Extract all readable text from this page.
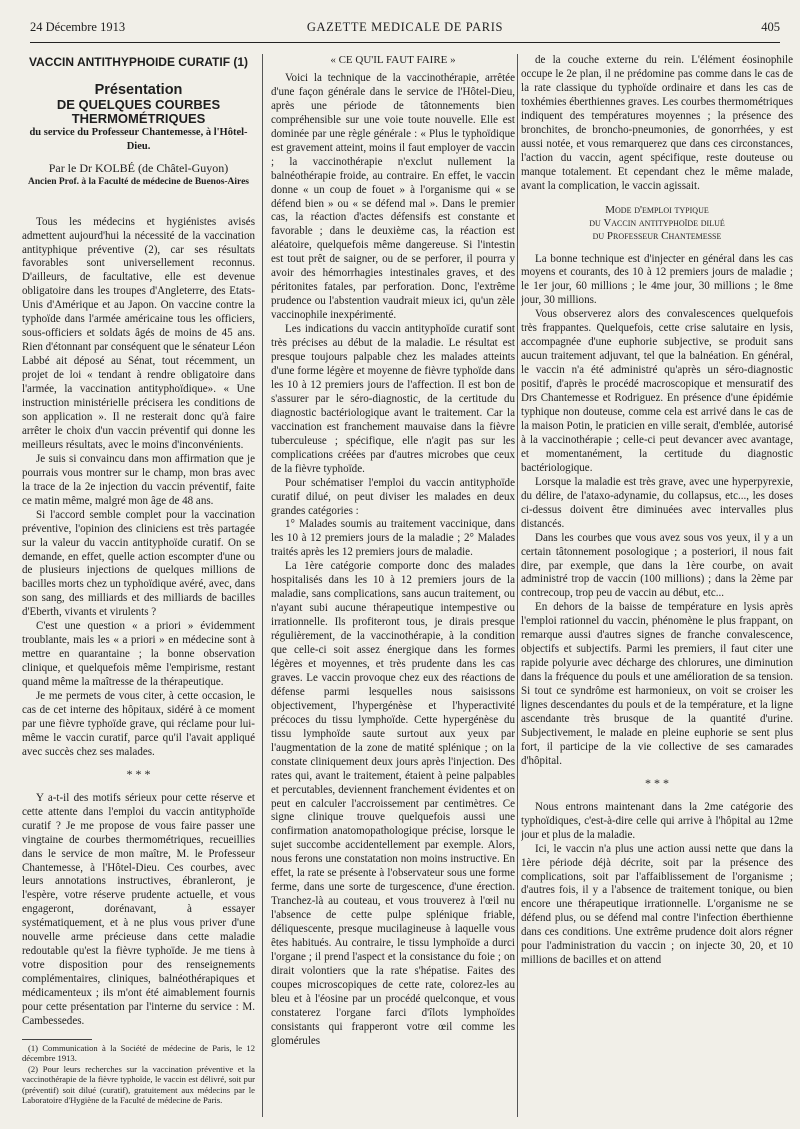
24 Décembre 1913	GAZETTE MEDICALE DE PARIS	405

VACCIN ANTITHYPHOIDE CURATIF (1)

Présentation

DE QUELQUES COURBES THERMOMÉTRIQUES

du service du Professeur Chantemesse, à l'Hôtel-Dieu.

Par le Dr KOLBÉ (de Châtel-Guyon)

Ancien Prof. à la Faculté de médecine de Buenos-Aires

Tous les médecins et hygiénistes avisés admettent aujourd'hui la nécessité de la vaccination antityphique préventive (2), car ses résultats favorables sont universellement reconnus. D'ailleurs, de facultative, elle est devenue obligatoire dans les troupes d'Angleterre, des Etats-Unis d'Amérique et au Japon. On vaccine contre la typhoïde dans l'armée américaine tous les officiers, sous-officiers et soldats âgés de moins de 45 ans. Rien d'étonnant par conséquent que le sénateur Léon Labbé ait déposé au Sénat, tout récemment, un projet de loi « tendant à rendre obligatoire dans l'armée, la vaccination antityphoïdique». « Une instruction ministérielle précisera les conditions de son application ». Il ne resterait donc qu'à faire arrêter le choix d'un vaccin préventif qui donne les meilleurs résultats, avec le moins d'inconvénients.

Je suis si convaincu dans mon affirmation que je pourrais vous montrer sur le champ, mon bras avec la trace de la 2e injection du vaccin préventif, faite ce matin même, malgré mon âge de 48 ans.

Si l'accord semble complet pour la vaccination préventive, l'opinion des cliniciens est très partagée sur la valeur du vaccin antityphoïde curatif. On se demande, en effet, quelle action escompter d'une ou de plusieurs injections de quelques millions de bacilles morts chez un typhoïdique avéré, avec, dans son sang, des milliards et des milliards de bacilles d'Eberth, vivants et virulents ?

C'est une question « a priori » évidemment troublante, mais les « a priori » en médecine sont à mettre en quarantaine ; la bonne observation clinique, et quelquefois même l'empirisme, restant quand même la maîtresse de la thérapeutique.

Je me permets de vous citer, à cette occasion, le cas de cet interne des hôpitaux, sidéré à ce moment par une fièvre typhoïde grave, qui réclame pour lui-même le vaccin curatif, parce qu'il l'avait appliqué avec succès chez ses malades.

* * *

Y a-t-il des motifs sérieux pour cette réserve et cette attente dans l'emploi du vaccin antityphoïde curatif ? Je me propose de vous faire passer une vingtaine de courbes thermométriques, recueillies dans le service de mon maître, M. le Professeur Chantemesse, à l'Hôtel-Dieu. Ces courbes, avec leurs annotations instructives, ébranleront, je l'espère, votre réserve prudente actuelle, et vous engageront, dorénavant, à essayer systématiquement, et à ne plus vous priver d'une nouvelle arme précieuse dans cette maladie redoutable qu'est la fièvre typhoïde. Je me tiens à votre disposition pour des renseignements complémentaires, cliniques, balnéothérapiques et médicamenteux ; ils m'ont été aimablement fournis pour cette présentation par l'interne du service : M. Cambessedes.

(1) Communication à la Société de médecine de Paris, le 12 décembre 1913.

(2) Pour leurs recherches sur la vaccination préventive et la vaccinothérapie de la fièvre typhoïde, le vaccin est délivré, soit pur (préventif) soit dilué (curatif), gratuitement aux médecins par le Laboratoire d'Hygiène de la Faculté de médecine de Paris.

« CE QU'IL FAUT FAIRE »

Voici la technique de la vaccinothérapie, arrêtée d'une façon générale dans le service de l'Hôtel-Dieu, après une période de tâtonnements bien compréhensible sur une voie toute nouvelle. Elle est dominée par une règle générale : « Plus le typhoïdique est gravement atteint, moins il faut employer de vaccin ; la vaccinothérapie n'exclut nullement la balnéothérapie froide, au contraire. En effet, le vaccin donne « un coup de fouet » à l'organisme qui « se défend bien » ou « se défend mal ». Dans le premier cas, la réaction d'actes défensifs est constante et favorable ; dans le deuxième cas, la réaction est aléatoire, quelquefois même dangereuse. Si l'intestin est tout prêt de saigner, ou de se perforer, il pourra y avoir des hémorrhagies intestinales graves, et des péritonites fatales, par perforation. Donc, l'extrême prudence ou l'abstention vaudrait mieux ici, qu'un zèle vaccinophile inexpérimenté.

Les indications du vaccin antityphoïde curatif sont très précises au début de la maladie. Le résultat est presque toujours palpable chez les malades atteints d'une forme légère et moyenne de fièvre typhoïde dans les 10 à 12 premiers jours de l'affection. Il est bon de s'assurer par le séro-diagnostic, de la certitude du diagnostic bactériologique avant le traitement. Car la vaccination est franchement mauvaise dans la fièvre tuberculeuse ; spécifique, elle n'agit pas sur les complications créées par d'autres microbes que ceux de la fièvre typhoïde.

Pour schématiser l'emploi du vaccin antityphoïde curatif dilué, on peut diviser les malades en deux grandes catégories :

1° Malades soumis au traitement vaccinique, dans les 10 à 12 premiers jours de la maladie ; 2° Malades traités après les 12 premiers jours de maladie.

La 1ère catégorie comporte donc des malades hospitalisés dans les 10 à 12 premiers jours de la maladie, sans complications, sans aucun traitement, ou n'ayant subi aucune thérapeutique intempestive ou irrationnelle. Ils profiteront tous, je dirais presque régulièrement, de la vaccinothérapie, à la condition que celle-ci soit assez énergique dans les formes légères et moyennes, et très prudente dans les cas graves. Le vaccin provoque chez eux des réactions de défense parmi lesquelles nous saisissons objectivement, l'hypergénèse et l'hyperactivité précoces du tissu lymphoïde. Cette hypergénèse du tissu lymphoïde saute surtout aux yeux par l'augmentation de la zone de matité splénique ; on la constate cliniquement deux jours après l'injection. Des rates qui, avant le traitement, étaient à peine palpables et percutables, deviennent franchement évidentes et on peut en calculer l'accroissement par centimètres. Ce signe clinique trouve quelquefois aussi une confirmation anatomopathologique précise, lorsque le sujet succombe accidentellement par exemple. Alors, nous ferons une constatation non moins instructive. En effet, la rate se présente à l'observateur sous une forme ferme, dans une sorte de turgescence, d'une érection. Tranchez-là au couteau, et vous trouverez à l'œil nu l'absence de cette pulpe splénique friable, déliquescente, presque mucilagineuse à laquelle vous êtes habitués. Au contraire, le tissu lymphoïde a durci l'organe ; il prend l'aspect et la consistance du foie ; on dirait volontiers que la rate s'hépatise. Faites des coupes microscopiques de cette rate, colorez-les au bleu et à l'éosine par un procédé quelconque, et vous constaterez l'organe farci d'îlots lymphoïdes consistants qui frapperont votre œil comme les glomérules

de la couche externe du rein. L'élément éosinophile occupe le 2e plan, il ne prédomine pas comme dans le cas de la rate classique du typhoïde ordinaire et dans les cas de toxhémies éberthiennes graves. Les courbes thermométriques indiquent des températures moyennes ; la présence des bronchites, de broncho-pneumonies, de gonorrhées, y est aussi notée, et vous remarquerez que dans ces circonstances, l'action du vaccin, agent spécifique, reste douteuse ou manque totalement. Et cependant chez le même malade, avant la complication, le vaccin agissait.

Mode d'emploi typique
du Vaccin antityphoïde dilué
du Professeur Chantemesse

La bonne technique est d'injecter en général dans les cas moyens et courants, des 10 à 12 premiers jours de maladie ; le 1er jour, 60 millions ; le 4me jour, 30 millions ; le 8me jour, 30 millions.

Vous observerez alors des convalescences quelquefois très frappantes. Quelquefois, cette crise salutaire en lysis, accompagnée d'une euphorie subjective, se produit sans aucun traitement adjuvant, tel que la balnéation. En général, le vaccin n'a été administré qu'après un séro-diagnostic positif, d'après le procédé macroscopique et mensuratif des Drs Chantemesse et Rodriguez. En présence d'une épidémie typhique non douteuse, comme cela est arrivé dans le cas de la maison Potin, le praticien en ville serait, d'emblée, autorisé à la vaccinothérapie ; celle-ci peut devancer avec avantage, et momentanément, la certitude du diagnostic bactériologique.

Lorsque la maladie est très grave, avec une hyperpyrexie, du délire, de l'ataxo-adynamie, du collapsus, etc..., les doses ci-dessus doivent être diminuées avec intervalles plus distancés.

Dans les courbes que vous avez sous vos yeux, il y a un certain tâtonnement posologique ; a posteriori, il nous fait dire, par exemple, que dans la 1ère courbe, on avait administré trop de vaccin (100 millions) ; dans la 2ème par contrecoup, trop peu de vaccin au début, etc...

En dehors de la baisse de température en lysis après l'emploi rationnel du vaccin, phénomène le plus frappant, on remarque aussi d'autres signes de franche convalescence, objectifs et subjectifs. Parmi les premiers, il faut citer une rapide polyurie avec décharge des chlorures, une diminution dans la fréquence du pouls et une amélioration de sa tension. Si tout ce syndrôme est harmonieux, on voit se croiser les lignes descendantes du pouls et de la température, et la ligne ascendante très brusque de la quantité d'urine. Subjectivement, le malade en pleine euphorie se sent plus fort, il participe de la vie collective de ses camarades d'hôpital.

* * *

Nous entrons maintenant dans la 2me catégorie des typhoïdiques, c'est-à-dire celle qui arrive à l'hôpital au 12me jour et plus de la maladie.

Ici, le vaccin n'a plus une action aussi nette que dans la 1ère période déjà décrite, soit par la présence des complications, soit par l'affaiblissement de l'organisme ; d'autres fois, il y a l'absence de traitement tonique, ou bien encore une thérapeutique irrationnelle. L'organisme ne se défend plus, ou se défend mal contre l'infection éberthienne dans ces conditions. Une extrême prudence doit alors régner pour l'administration du vaccin ; on injecte 30, 20, et 10 millions de bacilles et on attend
